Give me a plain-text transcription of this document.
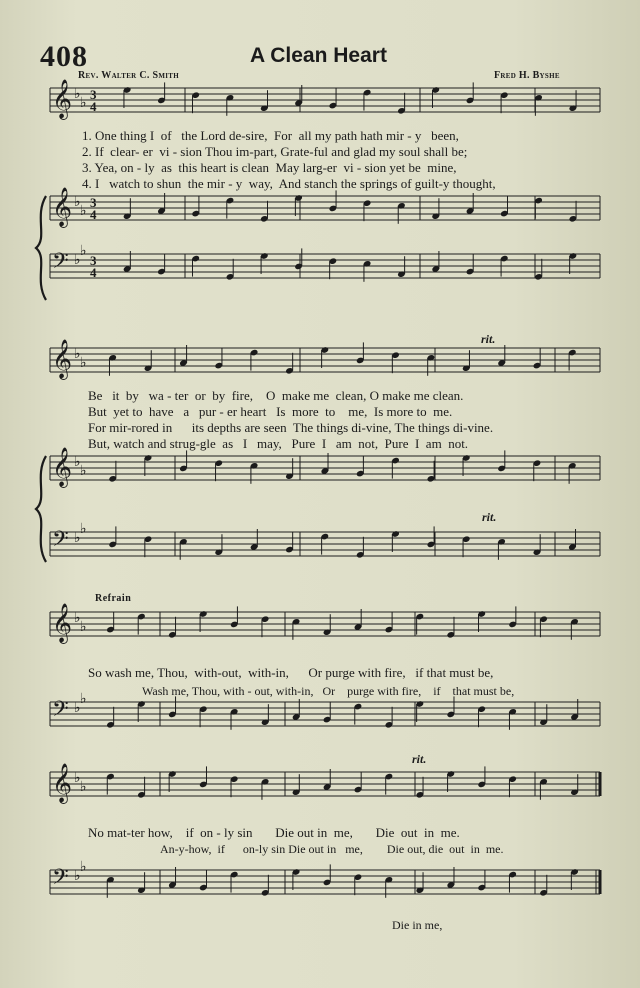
408	A Clean Heart
Rev. Walter C. Smith	Fred H. Byshe
𝄞 ♭
♭
3
4
𝄞 ♭
♭
3
4
𝄢 ♭
♭
3
4
𝄞 ♭
♭
𝄞 ♭
♭
𝄢 ♭
♭
𝄞 ♭
♭
𝄢 ♭
♭
𝄞 ♭
♭
𝄢 ♭
♭
1. One thing I  of   the Lord de-sire,  For  all my path hath mir - y   been,
2. If  clear- er  vi - sion Thou im-part, Grate-ful and glad my soul shall be;
3. Yea, on - ly  as  this heart is clean  May larg-er  vi - sion yet be  mine,
4. I   watch to shun  the mir - y  way,  And stanch the springs of guilt-y thought,
Be   it  by   wa - ter  or  by  fire,    O  make me  clean, O make me clean.
But  yet to  have   a   pur - er heart   Is  more  to    me,  Is more to  me.
For mir-rored in      its depths are seen  The things di-vine, The things di-vine.
But, watch and strug-gle  as   I   may,   Pure  I   am  not,  Pure  I  am  not.
rit.
rit.
Refrain
So wash me, Thou,  with-out,  with-in,      Or purge with fire,   if that must be,
Wash me, Thou, with - out, with-in,   Or    purge with fire,    if    that must be,
No mat-ter how,    if  on - ly sin       Die out in  me,       Die  out  in  me.
An-y-how,  if      on-ly sin Die out in   me,        Die out, die  out  in  me.
Die in me,
rit.
